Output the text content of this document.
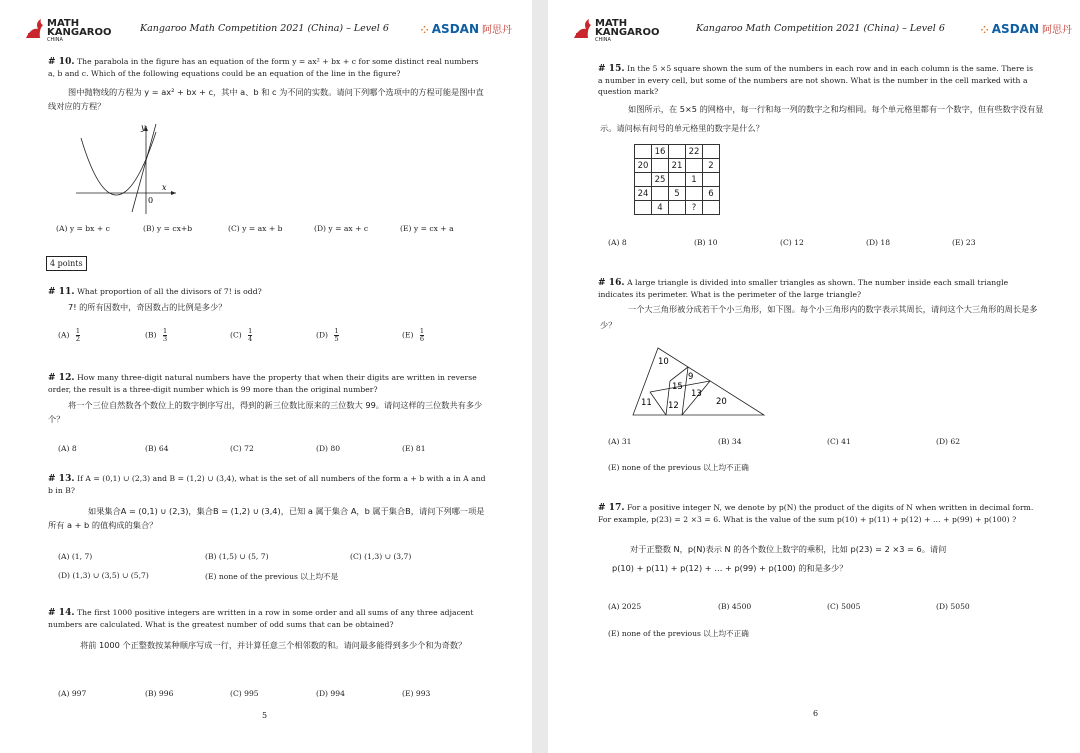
MATH
KANGAROO
CHINA
Kangaroo Math Competition 2021 (China) – Level 6	⁘ ASDAN 阿思丹
# 10. The parabola in the figure has an equation of the form y = ax² + bx + c for some distinct real numbers a, b and c. Which of the following equations could be an equation of the line in the figure?
图中抛物线的方程为 y = ax² + bx + c，其中 a、b 和 c 为不同的实数。请问下列哪个选项中的方程可能是图中直线对应的方程？
y
x
0
(A) y = bx + c	(B) y = cx+b	(C) y = ax + b	(D) y = ax + c	(E) y = cx + a
4 points
# 11. What proportion of all the divisors of 7! is odd?
7! 的所有因数中，奇因数占的比例是多少？
$(A) \frac{1}{2}$	$(B) \frac{1}{3}$	$(C) \frac{1}{4}$	$(D) \frac{1}{5}$	$(E) \frac{1}{6}$
# 12. How many three-digit natural numbers have the property that when their digits are written in reverse order, the result is a three-digit number which is 99 more than the original number?
将一个三位自然数各个数位上的数字倒序写出，得到的新三位数比原来的三位数大 99。请问这样的三位数共有多少个？
(A) 8	(B) 64	(C) 72	(D) 80	(E) 81
# 13. If A = (0,1) ∪ (2,3) and B = (1,2) ∪ (3,4), what is the set of all numbers of the form a + b with a in A and b in B?
如果集合A = (0,1) ∪ (2,3)，集合B = (1,2) ∪ (3,4)，已知 a 属于集合 A，b 属于集合B，请问下列哪一项是所有 a + b 的值构成的集合？
(A) (1, 7)	(B) (1,5) ∪ (5, 7)	(C) (1,3) ∪ (3,7)
(D) (1,3) ∪ (3,5) ∪ (5,7)	(E) none of the previous 以上均不是
# 14. The first 1000 positive integers are written in a row in some order and all sums of any three adjacent numbers are calculated. What is the greatest number of odd sums that can be obtained?
将前 1000 个正整数按某种顺序写成一行，并计算任意三个相邻数的和。请问最多能得到多少个和为奇数？
(A) 997	(B) 996	(C) 995	(D) 994	(E) 993
5
MATH
KANGAROO
CHINA
Kangaroo Math Competition 2021 (China) – Level 6	⁘ ASDAN 阿思丹
# 15. In the 5 ×5 square shown the sum of the numbers in each row and in each column is the same. There is a number in every cell, but some of the numbers are not shown. What is the number in the cell marked with a question mark?
如图所示，在 5×5 的网格中，每一行和每一列的数字之和均相同。每个单元格里都有一个数字，但有些数字没有显示。请问标有问号的单元格里的数字是什么？
	16		22	
20		21		2
	25		1	
24		5		6
	4		?	
(A) 8	(B) 10	(C) 12	(D) 18	(E) 23
# 16. A large triangle is divided into smaller triangles as shown. The number inside each small triangle indicates its perimeter. What is the perimeter of the large triangle?
一个大三角形被分成若干个小三角形，如下图。每个小三角形内的数字表示其周长，请问这个大三角形的周长是多少？
10
9
15
13
11 12	20
(A) 31	(B) 34	(C) 41	(D) 62
(E) none of the previous 以上均不正确
# 17. For a positive integer N, we denote by p(N) the product of the digits of N when written in decimal form. For example, p(23) = 2 ×3 = 6. What is the value of the sum p(10) + p(11) + p(12) + … + p(99) + p(100) ?
对于正整数 N，p(N)表示 N 的各个数位上数字的乘积，比如 p(23) = 2 ×3 = 6。请问
p(10) + p(11) + p(12) + … + p(99) + p(100) 的和是多少？
(A) 2025	(B) 4500	(C) 5005	(D) 5050
(E) none of the previous 以上均不正确
6
